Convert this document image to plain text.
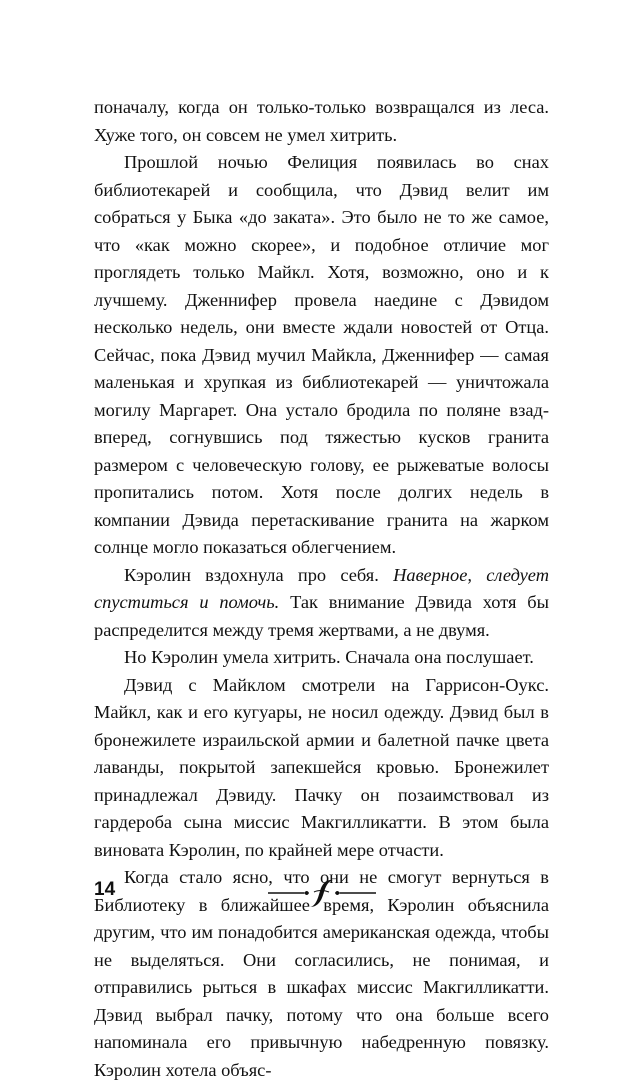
поначалу, когда он только-только возвращался из леса. Хуже того, он совсем не умел хитрить.

Прошлой ночью Фелиция появилась во снах библиотекарей и сообщила, что Дэвид велит им собраться у Быка «до заката». Это было не то же самое, что «как можно скорее», и подобное отличие мог проглядеть только Майкл. Хотя, возможно, оно и к лучшему. Дженнифер провела наедине с Дэвидом несколько недель, они вместе ждали новостей от Отца. Сейчас, пока Дэвид мучил Майкла, Дженнифер — самая маленькая и хрупкая из библиотекарей — уничтожала могилу Маргарет. Она устало бродила по поляне взад-вперед, согнувшись под тяжестью кусков гранита размером с человеческую голову, ее рыжеватые волосы пропитались потом. Хотя после долгих недель в компании Дэвида перетаскивание гранита на жарком солнце могло показаться облегчением.

Кэролин вздохнула про себя. Наверное, следует спуститься и помочь. Так внимание Дэвида хотя бы распределится между тремя жертвами, а не двумя.

Но Кэролин умела хитрить. Сначала она послушает.

Дэвид с Майклом смотрели на Гаррисон-Оукс. Майкл, как и его кугуары, не носил одежду. Дэвид был в бронежилете израильской армии и балетной пачке цвета лаванды, покрытой запекшейся кровью. Бронежилет принадлежал Дэвиду. Пачку он позаимствовал из гардероба сына миссис Макгилликатти. В этом была виновата Кэролин, по крайней мере отчасти.

Когда стало ясно, что они не смогут вернуться в Библиотеку в ближайшее время, Кэролин объяснила другим, что им понадобится американская одежда, чтобы не выделяться. Они согласились, не понимая, и отправились рыться в шкафах миссис Макгилликатти. Дэвид выбрал пачку, потому что она больше всего напоминала его привычную набедренную повязку. Кэролин хотела объяс-

14
